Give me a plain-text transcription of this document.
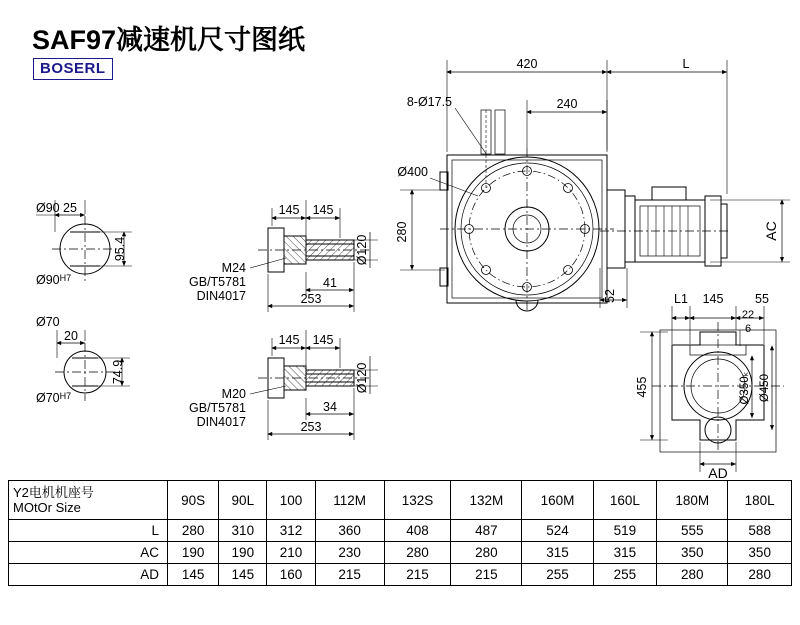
SAF97减速机尺寸图纸
BOSERL	420	L
240
8-Ø17.5
Ø400
280
52
AC
L1 145	55
22
6
455	Ø350ₖ Ø450
AD
Ø90 25
95.4
$Ø90^{H7}$
Ø70
20
74.9
$Ø70^{H7}$
145 145
Ø120
M24
GB/T5781
DIN4017
41
253
145 145
Ø120
M20
GB/T5781
DIN4017
34
253
Y2电机机座号
MOtOr Size	90S	90L	100	112M	132S	132M	160M	160L	180M	180L
L	280	310	312	360	408	487	524	519	555	588
AC	190	190	210	230	280	280	315	315	350	350
AD	145	145	160	215	215	215	255	255	280	280
